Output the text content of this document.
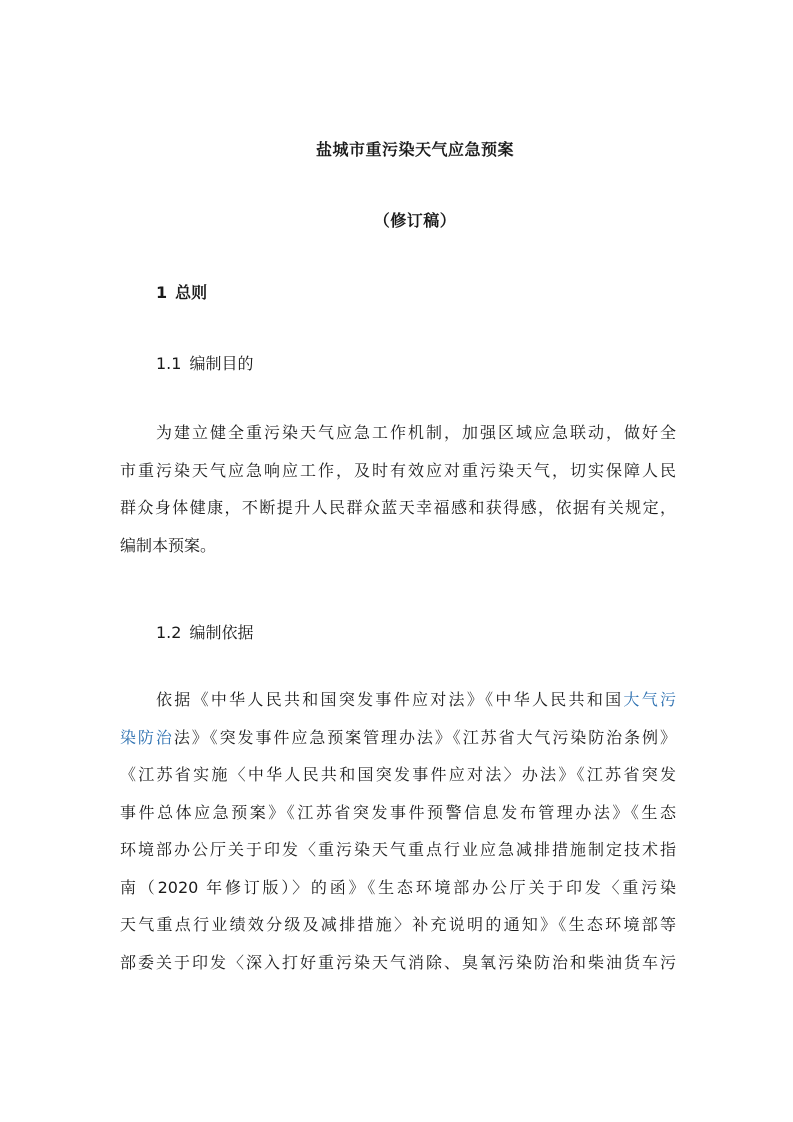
盐城市重污染天气应急预案
（修订稿）
1 总则
1.1 编制目的
为建立健全重污染天气应急工作机制，加强区域应急联动，做好全
市重污染天气应急响应工作，及时有效应对重污染天气，切实保障人民
群众身体健康，不断提升人民群众蓝天幸福感和获得感，依据有关规定，
编制本预案。
1.2 编制依据
依据《中华人民共和国突发事件应对法》《中华人民共和国大气污
染防治法》《突发事件应急预案管理办法》《江苏省大气污染防治条例》
《江苏省实施〈中华人民共和国突发事件应对法〉办法》《江苏省突发
事件总体应急预案》《江苏省突发事件预警信息发布管理办法》《生态
环境部办公厅关于印发〈重污染天气重点行业应急减排措施制定技术指
南（2020 年修订版）〉的函》《生态环境部办公厅关于印发〈重污染
天气重点行业绩效分级及减排措施〉补充说明的通知》《生态环境部等
部委关于印发〈深入打好重污染天气消除、臭氧污染防治和柴油货车污
